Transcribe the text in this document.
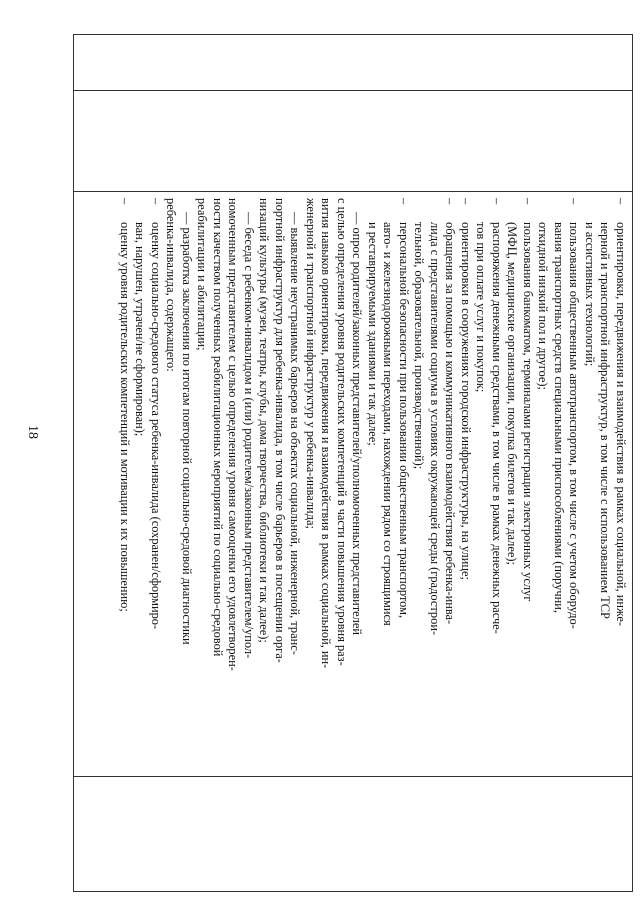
18

–
ориентировки, передвижения и взаимодействия в рамках социальной, инже-
нерной и транспортной инфраструктур, в том числе с использованием ТСР
и ассистивных технологий;
–
пользования общественным автотранспортом, в том числе с учетом оборудо-
вания транспортных средств специальными приспособлениями (поручни,
откидной низкий пол и другое);
–
пользования банкоматом, терминалами регистрации электронных услуг
(МФЦ, медицинские организации, покупка билетов и так далее);
–
распоряжения денежными средствами, в том числе в рамках денежных расче-
тов при оплате услуг и покупок;
–
ориентировки в сооружениях городской инфраструктуры, на улице;
–
обращения за помощью и коммуникативного взаимодействия ребенка-инва-
лида с представителями социума в условиях окружающей среды (градострои-
тельной, образовательной, производственной);
–
персональной безопасности при пользовании общественным транспортом,
авто- и железнодорожными переходами, нахождении рядом со строящимися
и реставрируемыми зданиями и так далее;
— опрос родителей/законных представителей/уполномоченных представителей
с целью определения уровня родительских компетенций в части повышения уровня раз-
вития навыков ориентировки, передвижения и взаимодействия в рамках социальной, ин-
женерной и транспортной инфраструктур у ребенка-инвалида;
— выявление неустранимых барьеров на объектах социальной, инженерной, транс-
портной инфраструктур для ребенка-инвалида, в том числе барьеров в посещении орга-
низаций культуры (музеи, театры, клубы, дома творчества, библиотеки и так далее);
— беседа с ребенком-инвалидом и (или) родителем/законным представителем/упол-
номоченным представителем с целью определения уровня самооценки его удовлетворен-
ности качеством полученных реабилитационных мероприятий по социально-средовой
реабилитации и абилитации;
— разработка заключения по итогам повторной социально-средовой диагностики
ребенка-инвалида, содержащего:
–
оценку социально-средового статуса ребенка-инвалида (сохранен/сформиро-
ван, нарушен, утрачен/не сформирован);
–
оценку уровня родительских компетенций и мотивации к их повышению;
